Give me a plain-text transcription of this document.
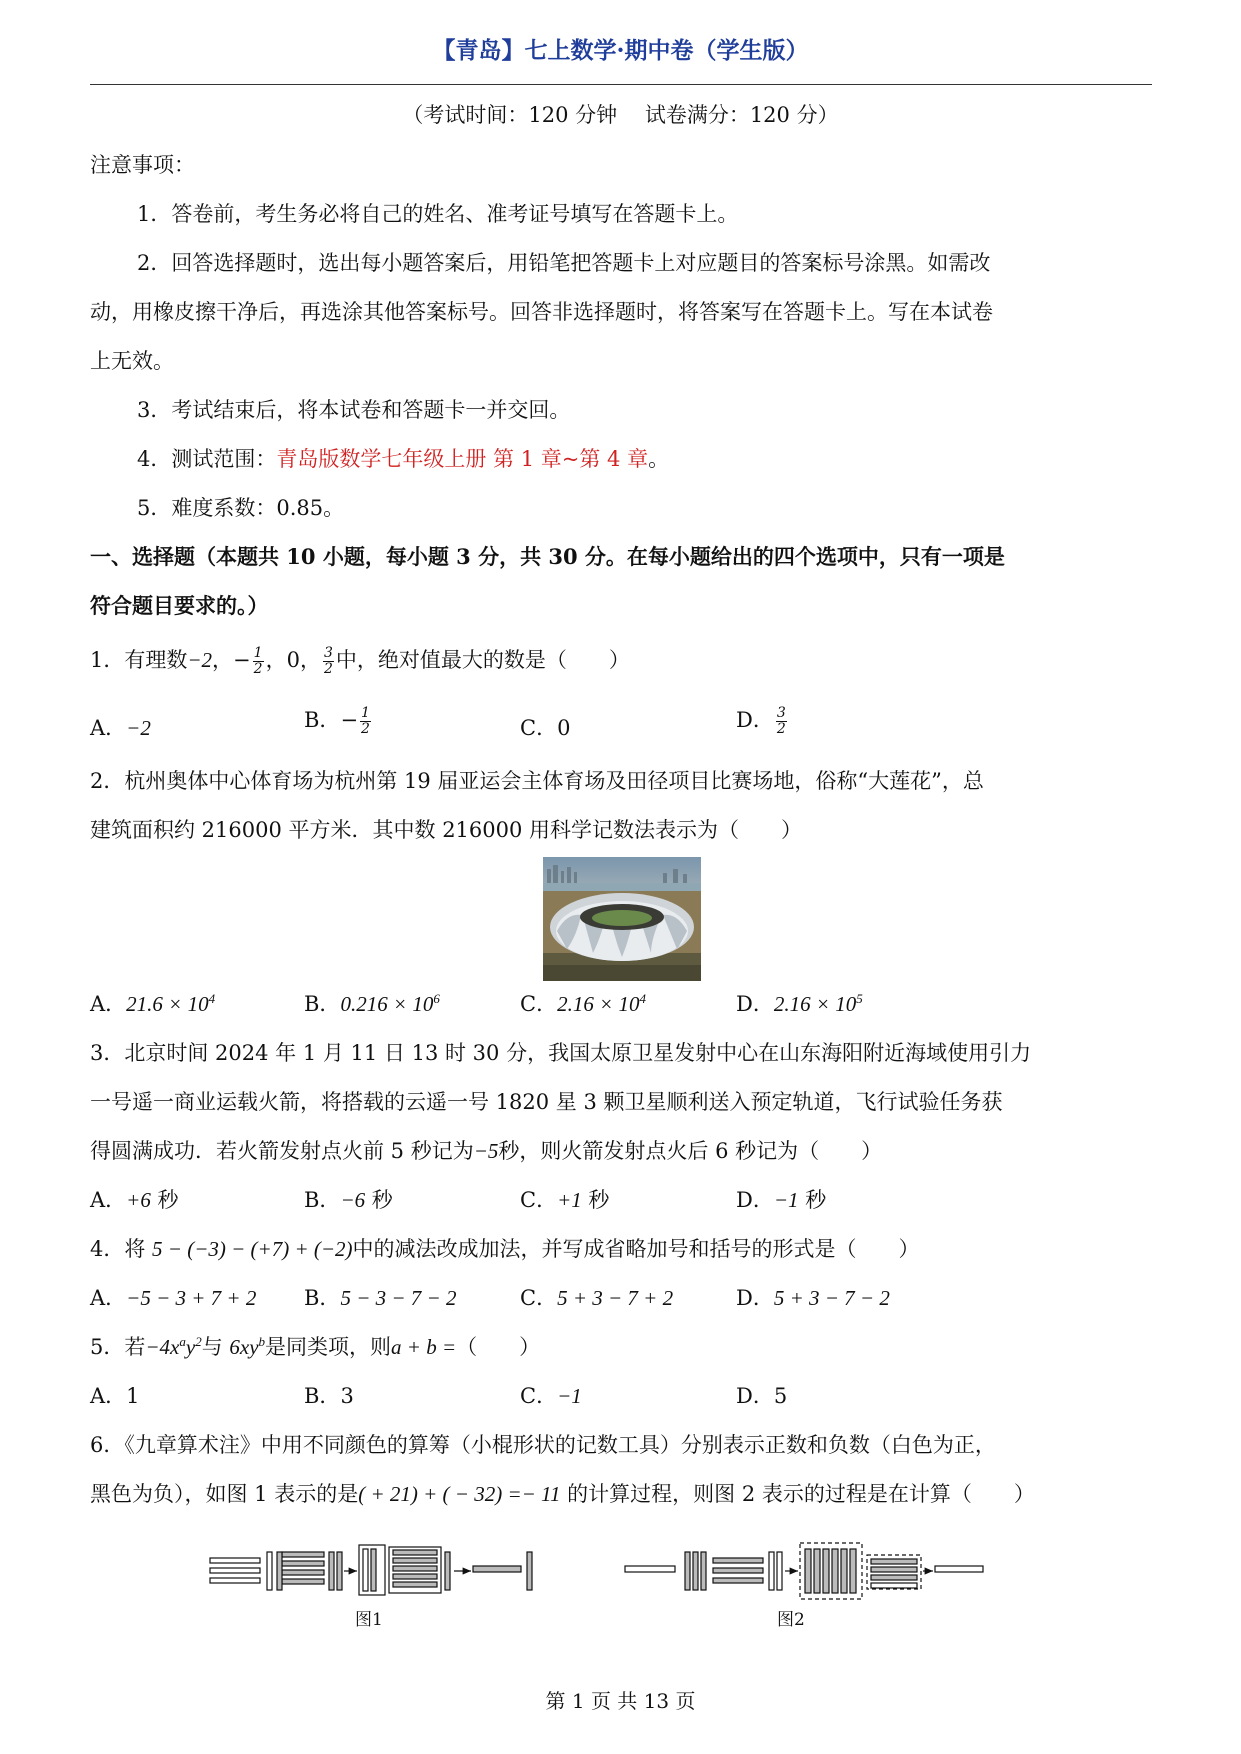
【青岛】七上数学·期中卷（学生版）
（考试时间：120 分钟　 试卷满分：120 分）
注意事项：
1．答卷前，考生务必将自己的姓名、准考证号填写在答题卡上。
2．回答选择题时，选出每小题答案后，用铅笔把答题卡上对应题目的答案标号涂黑。如需改
动，用橡皮擦干净后，再选涂其他答案标号。回答非选择题时，将答案写在答题卡上。写在本试卷
上无效。
3．考试结束后，将本试卷和答题卡一并交回。
4．测试范围：青岛版数学七年级上册 第 1 章~第 4 章。
5．难度系数：0.85。
一、选择题（本题共 10 小题，每小题 3 分，共 30 分。在每小题给出的四个选项中，只有一项是
符合题目要求的。）
1．有理数−2，− $\frac{1}{2}$ ，0， $\frac{3}{2}$ 中，绝对值最大的数是（　　）
A．−2	B．− $\frac{1}{2}$	C．0	D． $\frac{3}{2}$
2．杭州奥体中心体育场为杭州第 19 届亚运会主体育场及田径项目比赛场地，俗称“大莲花”，总
建筑面积约 216000 平方米．其中数 216000 用科学记数法表示为（　　）
A．$21.6 \times 10^4$	B．$0.216 \times 10^6$	C．$2.16 \times 10^4$	D．$2.16 \times 10^5$
3．北京时间 2024 年 1 月 11 日 13 时 30 分，我国太原卫星发射中心在山东海阳附近海域使用引力
一号遥一商业运载火箭，将搭载的云遥一号 1820 星 3 颗卫星顺利送入预定轨道，飞行试验任务获
得圆满成功．若火箭发射点火前 5 秒记为−5秒，则火箭发射点火后 6 秒记为（　　）
A．+6 秒	B．−6 秒	C．+1 秒	D．−1 秒
4．将 5 − (−3) − (+7) + (−2)中的减法改成加法，并写成省略加号和括号的形式是（　　）
A．−5 − 3 + 7 + 2 B．5 − 3 − 7 − 2	C．5 + 3 − 7 + 2	D．5 + 3 − 7 − 2
5．若$-4x^ay^2$与 $6xy^b$是同类项，则a + b =（　　）
A．1	B．3	C．−1	D．5
6．《九章算术注》中用不同颜色的算筹（小棍形状的记数工具）分别表示正数和负数（白色为正，
黑色为负），如图 1 表示的是( + 21) + ( − 32) =− 11 的计算过程，则图 2 表示的过程是在计算（　　）
图1	图2
第 1 页 共 13 页
